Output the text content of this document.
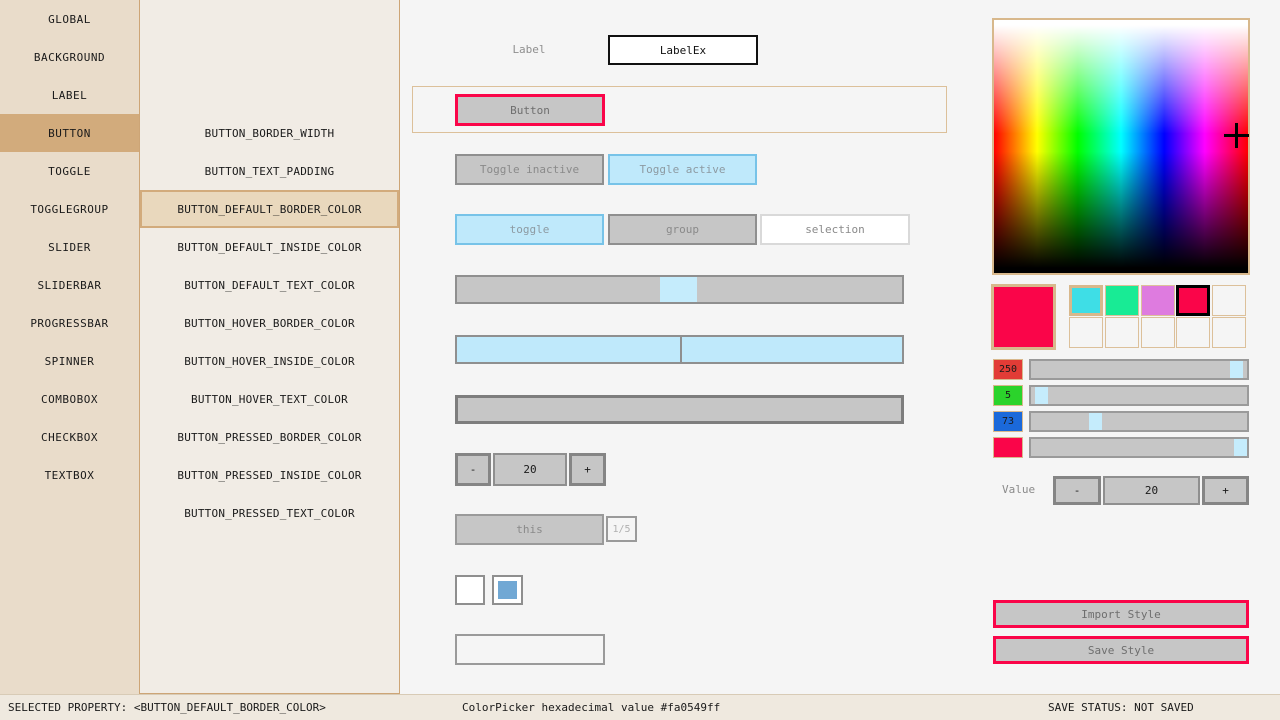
GLOBAL
BACKGROUND
LABEL
BUTTON
TOGGLE
TOGGLEGROUP
SLIDER
SLIDERBAR
PROGRESSBAR
SPINNER
COMBOBOX
CHECKBOX
TEXTBOX
BUTTON_BORDER_WIDTH
BUTTON_TEXT_PADDING
BUTTON_DEFAULT_BORDER_COLOR
BUTTON_DEFAULT_INSIDE_COLOR
BUTTON_DEFAULT_TEXT_COLOR
BUTTON_HOVER_BORDER_COLOR
BUTTON_HOVER_INSIDE_COLOR
BUTTON_HOVER_TEXT_COLOR
BUTTON_PRESSED_BORDER_COLOR
BUTTON_PRESSED_INSIDE_COLOR
BUTTON_PRESSED_TEXT_COLOR
Label	LabelEx
Button
Toggle inactive	Toggle active
toggle	group	selection
-	20	+
this	1/5
250
5
73
Value	-	20	+
Import Style
Save Style
SELECTED PROPERTY: <BUTTON_DEFAULT_BORDER_COLOR>	ColorPicker hexadecimal value #fa0549ff	SAVE STATUS: NOT SAVED
